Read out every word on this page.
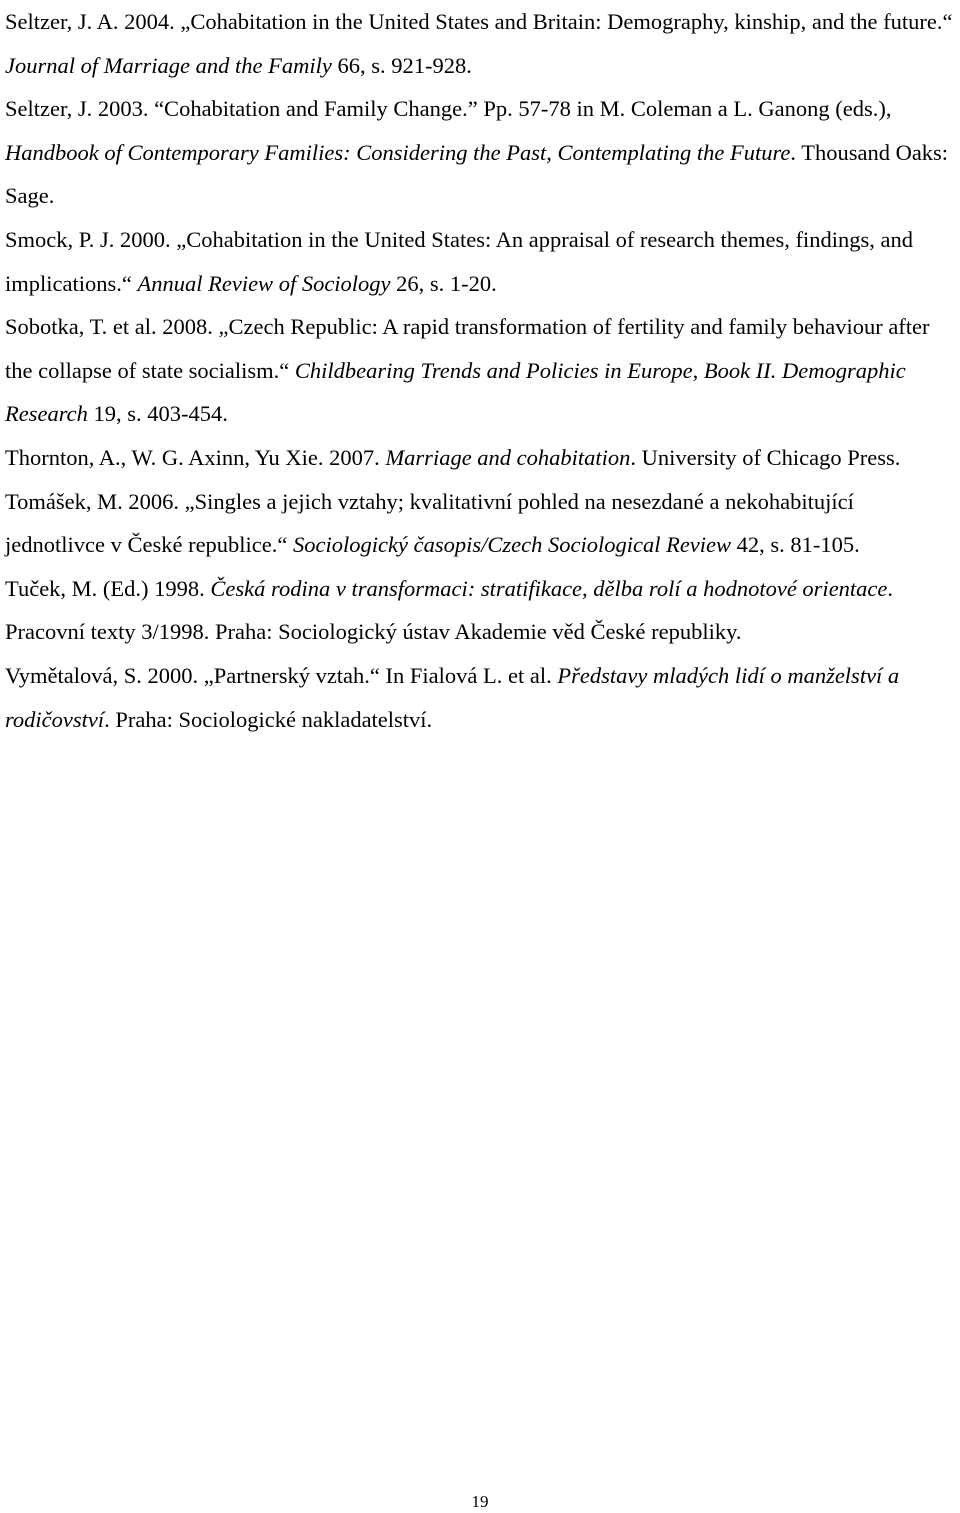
Seltzer, J. A. 2004. „Cohabitation in the United States and Britain: Demography, kinship, and the future.“ Journal of Marriage and the Family 66, s. 921-928.
Seltzer, J. 2003. “Cohabitation and Family Change.” Pp. 57-78 in M. Coleman a L. Ganong (eds.), Handbook of Contemporary Families: Considering the Past, Contemplating the Future. Thousand Oaks: Sage.
Smock, P. J. 2000. „Cohabitation in the United States: An appraisal of research themes, findings, and implications.“ Annual Review of Sociology 26, s. 1-20.
Sobotka, T. et al. 2008. „Czech Republic: A rapid transformation of fertility and family behaviour after the collapse of state socialism.“ Childbearing Trends and Policies in Europe, Book II. Demographic Research 19, s. 403-454.
Thornton, A., W. G. Axinn, Yu Xie. 2007. Marriage and cohabitation. University of Chicago Press.
Tomášek, M. 2006. „Singles a jejich vztahy; kvalitativní pohled na nesezdané a nekohabitující jednotlivce v České republice.“ Sociologický časopis/Czech Sociological Review 42, s. 81-105.
Tuček, M. (Ed.) 1998. Česká rodina v transformaci: stratifikace, dělba rolí a hodnotové orientace. Pracovní texty 3/1998. Praha: Sociologický ústav Akademie věd České republiky.
Vymětalová, S. 2000. „Partnerský vztah.“ In Fialová L. et al. Představy mladých lidí o manželství a rodičovství. Praha: Sociologické nakladatelství.
19
